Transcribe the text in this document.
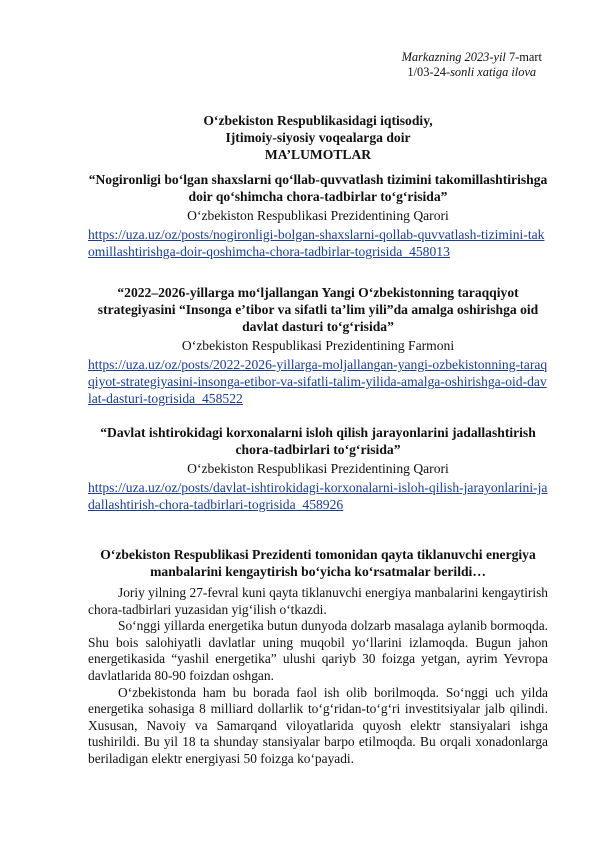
Markazning 2023-yil 7-mart
1/03-24-sonli xatiga ilova
O‘zbekiston Respublikasidagi iqtisodiy,
Ijtimoiy-siyosiy voqealarga doir
MA’LUMOTLAR

“Nogironligi bo‘lgan shaxslarni qo‘llab-quvvatlash tizimini takomillashtirishga doir qo‘shimcha chora-tadbirlar to‘g‘risida”

O‘zbekiston Respublikasi Prezidentining Qarori

https://uza.uz/oz/posts/nogironligi-bolgan-shaxslarni-qollab-quvvatlash-tizimini-takomillashtirishga-doir-qoshimcha-chora-tadbirlar-togrisida_458013

“2022–2026-yillarga mo‘ljallangan Yangi O‘zbekistonning taraqqiyot strategiyasini “Insonga e’tibor va sifatli ta’lim yili”da amalga oshirishga oid davlat dasturi to‘g‘risida”

O‘zbekiston Respublikasi Prezidentining Farmoni

https://uza.uz/oz/posts/2022-2026-yillarga-moljallangan-yangi-ozbekistonning-taraqqiyot-strategiyasini-insonga-etibor-va-sifatli-talim-yilida-amalga-oshirishga-oid-davlat-dasturi-togrisida_458522

“Davlat ishtirokidagi korxonalarni isloh qilish jarayonlarini jadallashtirish chora-tadbirlari to‘g‘risida”

O‘zbekiston Respublikasi Prezidentining Qarori

https://uza.uz/oz/posts/davlat-ishtirokidagi-korxonalarni-isloh-qilish-jarayonlarini-jadallashtirish-chora-tadbirlari-togrisida_458926

O‘zbekiston Respublikasi Prezidenti tomonidan qayta tiklanuvchi energiya manbalarini kengaytirish bo‘yicha ko‘rsatmalar berildi…

Joriy yilning 27-fevral kuni qayta tiklanuvchi energiya manbalarini kengaytirish chora-tadbirlari yuzasidan yig‘ilish o‘tkazdi.

So‘nggi yillarda energetika butun dunyoda dolzarb masalaga aylanib bormoqda. Shu bois salohiyatli davlatlar uning muqobil yo‘llarini izlamoqda. Bugun jahon energetikasida “yashil energetika” ulushi qariyb 30 foizga yetgan, ayrim Yevropa davlatlarida 80-90 foizdan oshgan.

O‘zbekistonda ham bu borada faol ish olib borilmoqda. So‘nggi uch yilda energetika sohasiga 8 milliard dollarlik to‘g‘ridan-to‘g‘ri investitsiyalar jalb qilindi. Xususan, Navoiy va Samarqand viloyatlarida quyosh elektr stansiyalari ishga tushirildi. Bu yil 18 ta shunday stansiyalar barpo etilmoqda. Bu orqali xonadonlarga beriladigan elektr energiyasi 50 foizga ko‘payadi.
